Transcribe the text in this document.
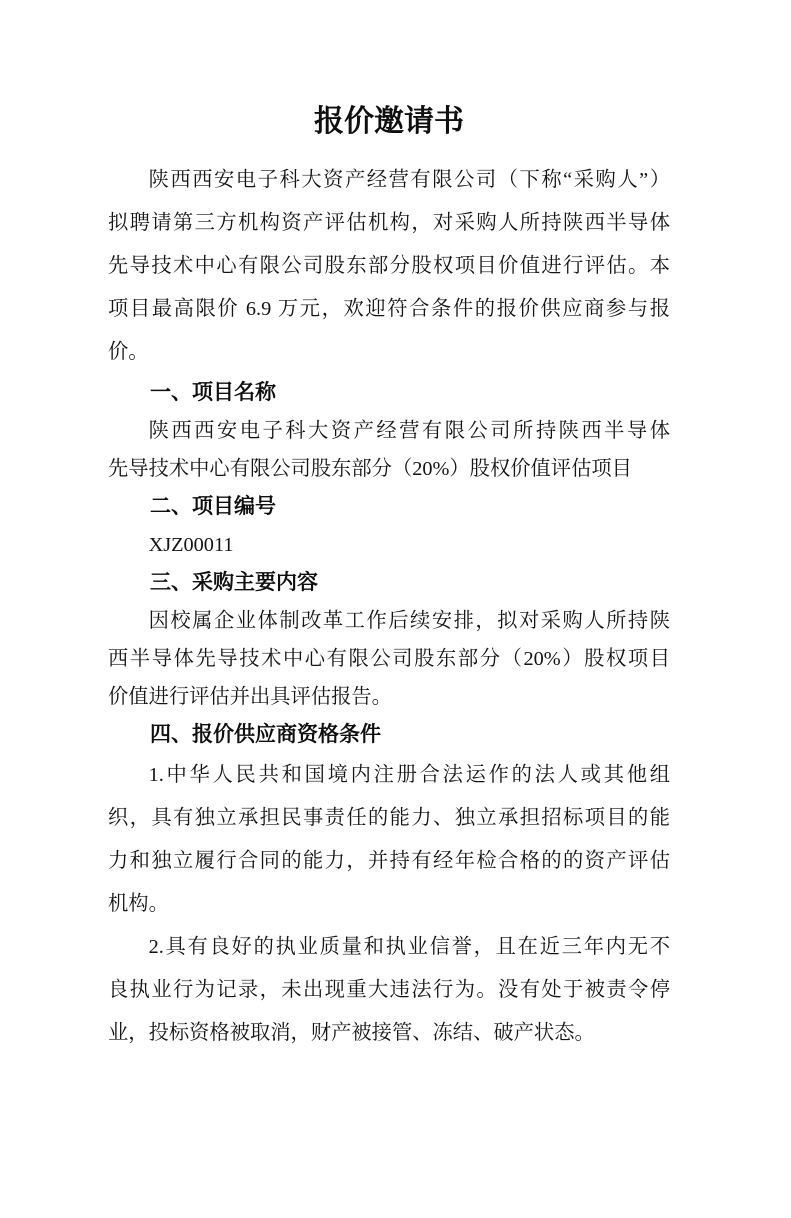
报价邀请书
陕西西安电子科大资产经营有限公司（下称“采购人”）
拟聘请第三方机构资产评估机构，对采购人所持陕西半导体
先导技术中心有限公司股东部分股权项目价值进行评估。本
项目最高限价 6.9 万元，欢迎符合条件的报价供应商参与报
价。
一、项目名称
陕西西安电子科大资产经营有限公司所持陕西半导体
先导技术中心有限公司股东部分（20%）股权价值评估项目
二、项目编号
XJZ00011
三、采购主要内容
因校属企业体制改革工作后续安排，拟对采购人所持陕
西半导体先导技术中心有限公司股东部分（20%）股权项目
价值进行评估并出具评估报告。
四、报价供应商资格条件
1.中华人民共和国境内注册合法运作的法人或其他组
织，具有独立承担民事责任的能力、独立承担招标项目的能
力和独立履行合同的能力，并持有经年检合格的的资产评估
机构。
2.具有良好的执业质量和执业信誉，且在近三年内无不
良执业行为记录，未出现重大违法行为。没有处于被责令停
业，投标资格被取消，财产被接管、冻结、破产状态。
